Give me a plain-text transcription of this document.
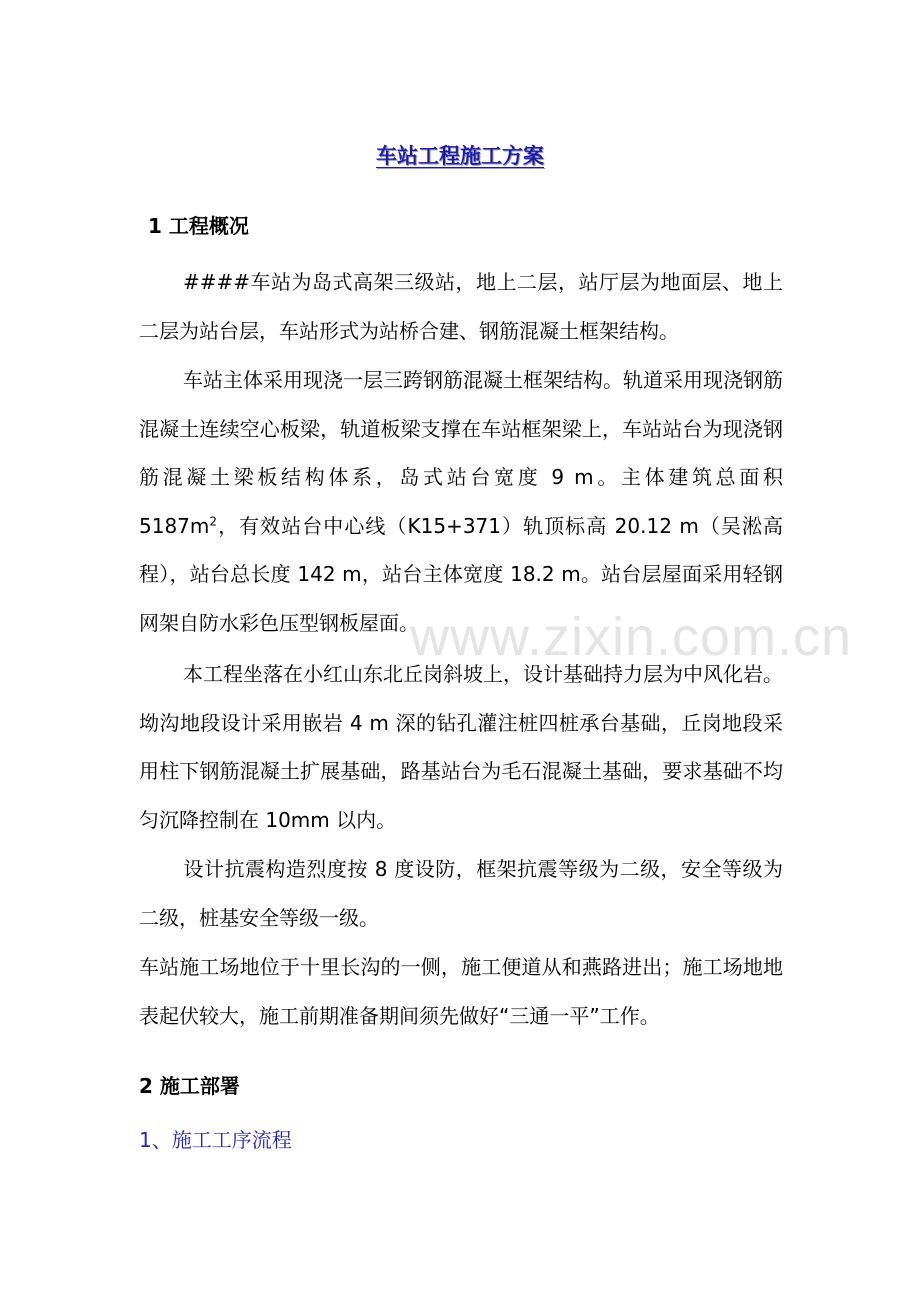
车站工程施工方案
1 工程概况
####车站为岛式高架三级站，地上二层，站厅层为地面层、地上二层为站台层，车站形式为站桥合建、钢筋混凝土框架结构。
车站主体采用现浇一层三跨钢筋混凝土框架结构。轨道采用现浇钢筋混凝土连续空心板梁，轨道板梁支撑在车站框架梁上，车站站台为现浇钢筋混凝土梁板结构体系，岛式站台宽度 9 m。主体建筑总面积 $5187m^2$，有效站台中心线（K15+371）轨顶标高 20.12 m（吴淞高程），站台总长度 142 m，站台主体宽度 18.2 m。站台层屋面采用轻钢网架自防水彩色压型钢板屋面。
www.zixin.com.cn
本工程坐落在小红山东北丘岗斜坡上，设计基础持力层为中风化岩。坳沟地段设计采用嵌岩 4 m 深的钻孔灌注桩四桩承台基础，丘岗地段采用柱下钢筋混凝土扩展基础，路基站台为毛石混凝土基础，要求基础不均匀沉降控制在 10mm 以内。
设计抗震构造烈度按 8 度设防，框架抗震等级为二级，安全等级为二级，桩基安全等级一级。
车站施工场地位于十里长沟的一侧，施工便道从和燕路进出；施工场地地表起伏较大，施工前期准备期间须先做好“三通一平”工作。
2 施工部署
1、施工工序流程
